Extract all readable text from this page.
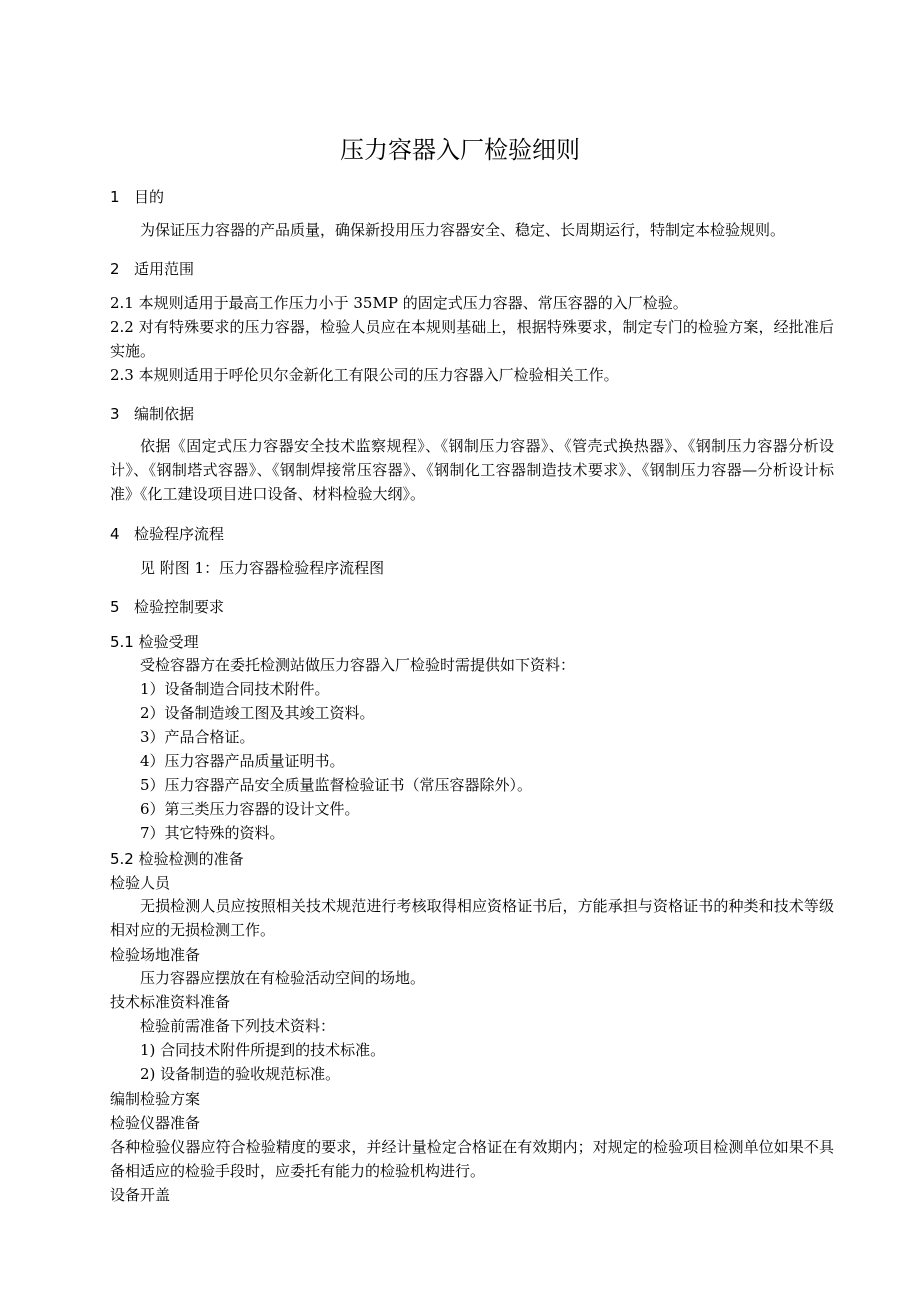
压力容器入厂检验细则
1 目的

为保证压力容器的产品质量，确保新投用压力容器安全、稳定、长周期运行，特制定本检验规则。

2 适用范围

2.1 本规则适用于最高工作压力小于 35MP 的固定式压力容器、常压容器的入厂检验。

2.2 对有特殊要求的压力容器，检验人员应在本规则基础上，根据特殊要求，制定专门的检验方案，经批准后实施。

2.3 本规则适用于呼伦贝尔金新化工有限公司的压力容器入厂检验相关工作。

3 编制依据

依据《固定式压力容器安全技术监察规程》、《钢制压力容器》、《管壳式换热器》、《钢制压力容器分析设计》、《钢制塔式容器》、《钢制焊接常压容器》、《钢制化工容器制造技术要求》、《钢制压力容器—分析设计标准》《化工建设项目进口设备、材料检验大纲》。

4 检验程序流程

见 附图 1：压力容器检验程序流程图

5 检验控制要求
5.1 检验受理

受检容器方在委托检测站做压力容器入厂检验时需提供如下资料：

1）设备制造合同技术附件。

2）设备制造竣工图及其竣工资料。

3）产品合格证。

4）压力容器产品质量证明书。

5）压力容器产品安全质量监督检验证书（常压容器除外）。

6）第三类压力容器的设计文件。

7）其它特殊的资料。

5.2 检验检测的准备
检验人员

无损检测人员应按照相关技术规范进行考核取得相应资格证书后，方能承担与资格证书的种类和技术等级相对应的无损检测工作。

检验场地准备

压力容器应摆放在有检验活动空间的场地。

技术标准资料准备

检验前需准备下列技术资料：

1) 合同技术附件所提到的技术标准。

2) 设备制造的验收规范标准。

编制检验方案
检验仪器准备

各种检验仪器应符合检验精度的要求，并经计量检定合格证在有效期内；对规定的检验项目检测单位如果不具备相适应的检验手段时，应委托有能力的检验机构进行。

设备开盖
